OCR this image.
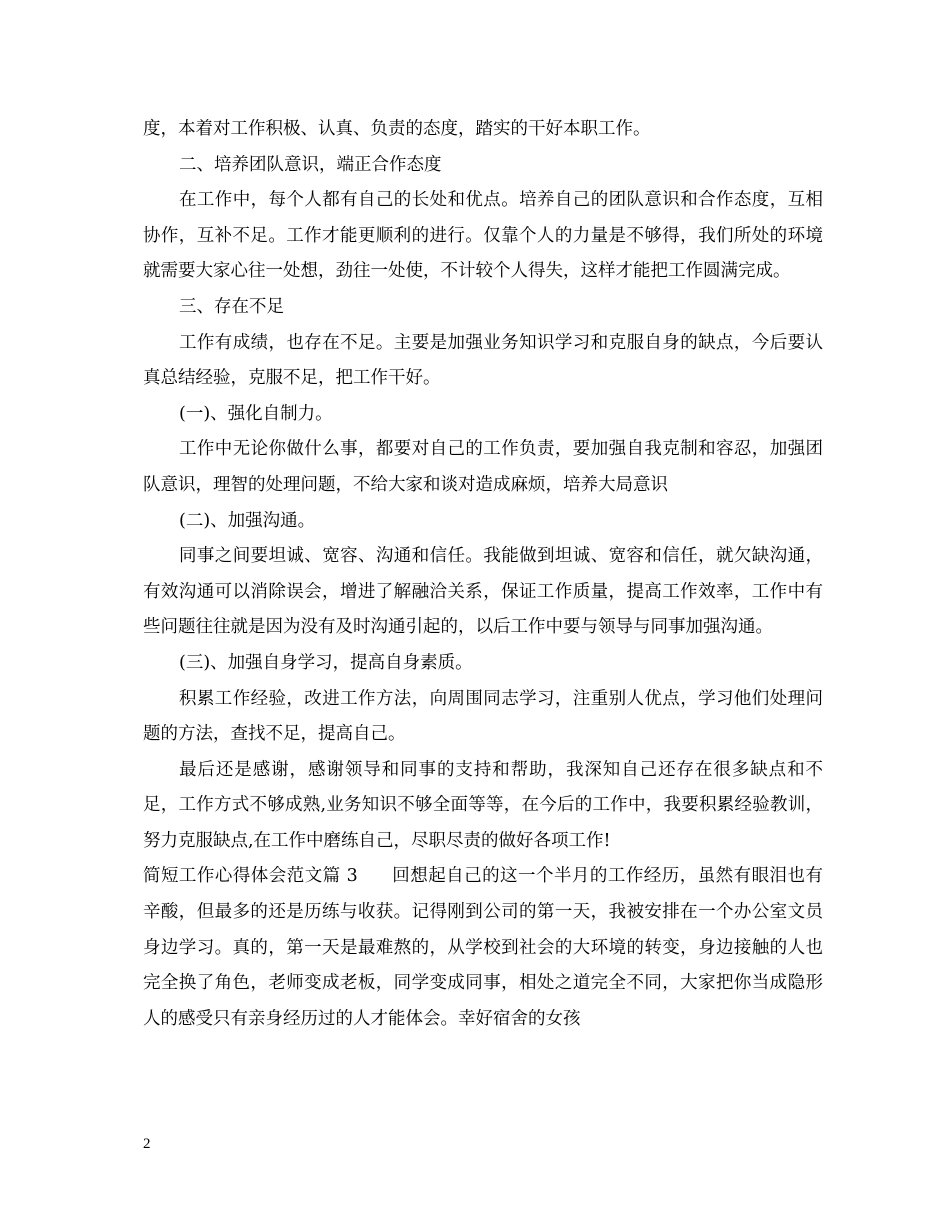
度，本着对工作积极、认真、负责的态度，踏实的干好本职工作。

二、培养团队意识，端正合作态度

在工作中，每个人都有自己的长处和优点。培养自己的团队意识和合作态度，互相协作，互补不足。工作才能更顺利的进行。仅靠个人的力量是不够得，我们所处的环境就需要大家心往一处想，劲往一处使，不计较个人得失，这样才能把工作圆满完成。

三、存在不足

工作有成绩，也存在不足。主要是加强业务知识学习和克服自身的缺点，今后要认真总结经验，克服不足，把工作干好。

(一)、强化自制力。

工作中无论你做什么事，都要对自己的工作负责，要加强自我克制和容忍，加强团队意识，理智的处理问题，不给大家和谈对造成麻烦，培养大局意识

(二)、加强沟通。

同事之间要坦诚、宽容、沟通和信任。我能做到坦诚、宽容和信任，就欠缺沟通，有效沟通可以消除误会，增进了解融洽关系，保证工作质量，提高工作效率，工作中有些问题往往就是因为没有及时沟通引起的，以后工作中要与领导与同事加强沟通。

(三)、加强自身学习，提高自身素质。

积累工作经验，改进工作方法，向周围同志学习，注重别人优点，学习他们处理问题的方法，查找不足，提高自己。

最后还是感谢，感谢领导和同事的支持和帮助，我深知自己还存在很多缺点和不足，工作方式不够成熟,业务知识不够全面等等，在今后的工作中，我要积累经验教训，努力克服缺点,在工作中磨练自己，尽职尽责的做好各项工作!

简短工作心得体会范文篇 3 回想起自己的这一个半月的工作经历，虽然有眼泪也有辛酸，但最多的还是历练与收获。记得刚到公司的第一天，我被安排在一个办公室文员身边学习。真的，第一天是最难熬的，从学校到社会的大环境的转变，身边接触的人也完全换了角色，老师变成老板，同学变成同事，相处之道完全不同，大家把你当成隐形人的感受只有亲身经历过的人才能体会。幸好宿舍的女孩

2
